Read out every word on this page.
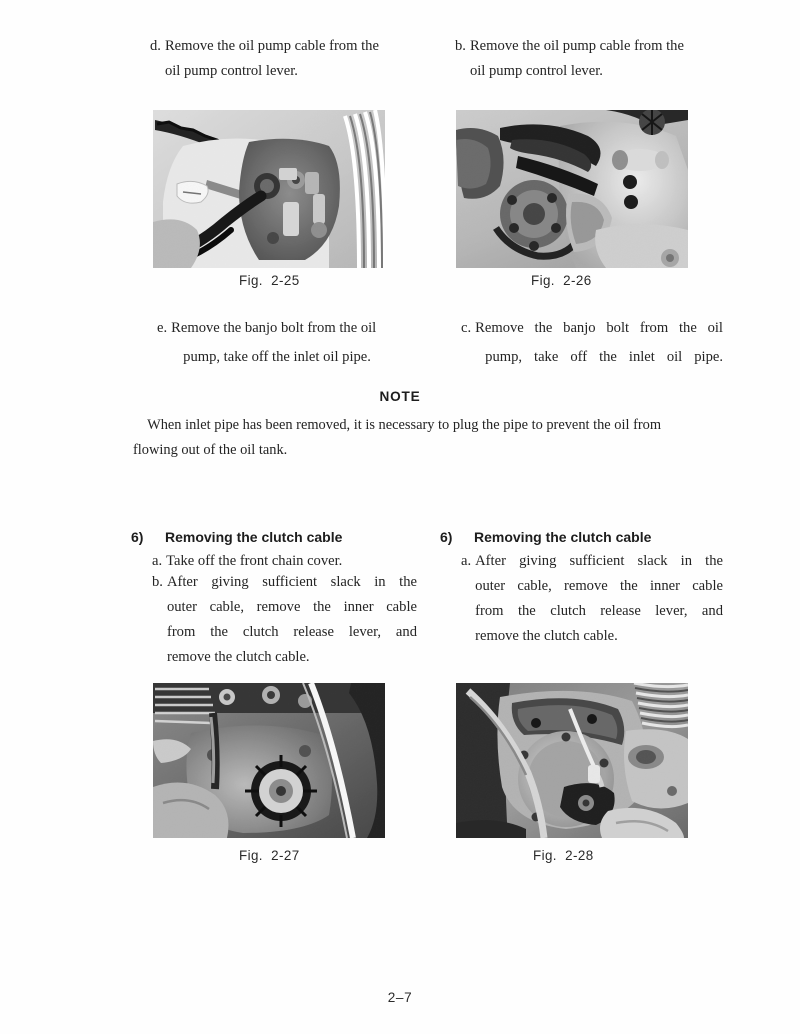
d. Remove the oil pump cable from the
oil pump control lever.
b. Remove the oil pump cable from the
oil pump control lever.
Fig.  2-25	Fig.  2-26
e. Remove the banjo bolt from the oil
pump, take off the inlet oil pipe.
c. Remove the banjo bolt from the oil
pump, take off the inlet oil pipe.
NOTE
When inlet pipe has been removed, it is necessary to plug the pipe to prevent the oil from
flowing out of the oil tank.
6)	Removing the clutch cable
a. Take off the front chain cover.
b. After giving sufficient slack in the
outer cable, remove the inner cable
from the clutch release lever, and
remove the clutch cable.
6)	Removing the clutch cable
a. After giving sufficient slack in the
outer cable, remove the inner cable
from the clutch release lever, and
remove the clutch cable.
Fig.  2-27	Fig.  2-28
2–7
